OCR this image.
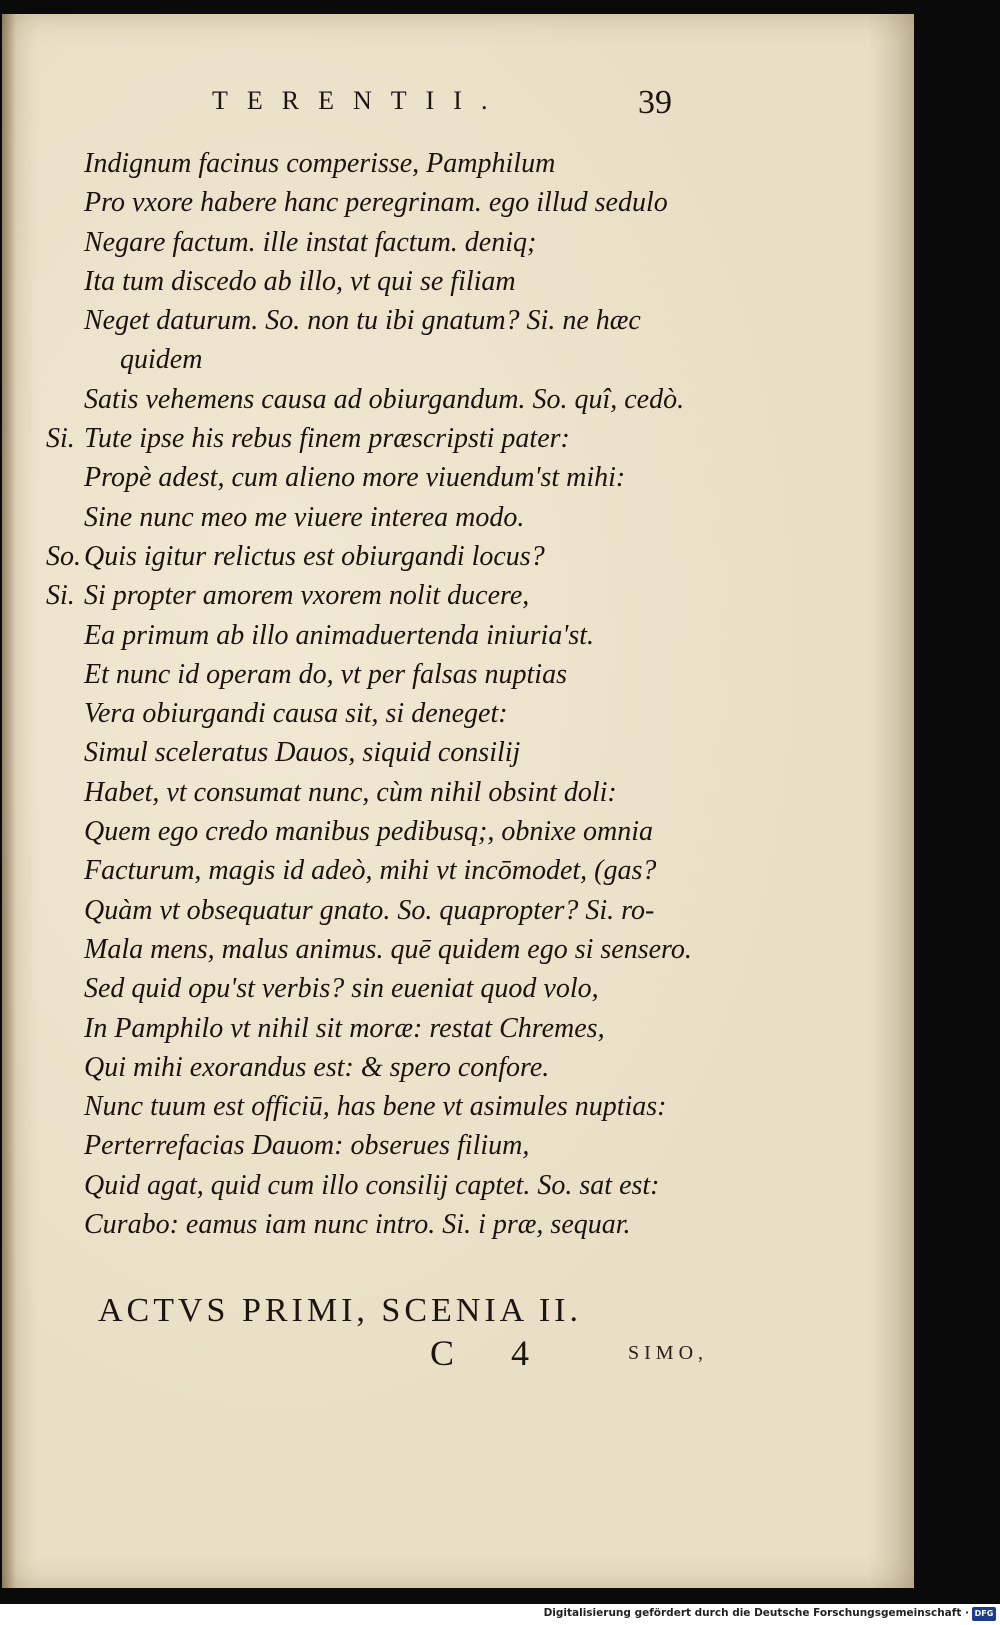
TERENTII.	39
Indignum facinus comperisse, Pamphilum
Pro vxore habere hanc peregrinam. ego illud sedulo
Negare factum. ille instat factum. deniq;
Ita tum discedo ab illo, vt qui se filiam
Neget daturum. So. non tu ibi gnatum? Si. ne hæc
quidem
Satis vehemens causa ad obiurgandum. So. quî, cedò.
Si. Tute ipse his rebus finem præscripsti pater:
Propè adest, cum alieno more viuendum'st mihi:
Sine nunc meo me viuere interea modo.
So. Quis igitur relictus est obiurgandi locus?
Si. Si propter amorem vxorem nolit ducere,
Ea primum ab illo animaduertenda iniuria'st.
Et nunc id operam do, vt per falsas nuptias
Vera obiurgandi causa sit, si deneget:
Simul sceleratus Dauos, siquid consilij
Habet, vt consumat nunc, cùm nihil obsint doli:
Quem ego credo manibus pedibusq;, obnixe omnia
Facturum, magis id adeò, mihi vt incōmodet, (gas?
Quàm vt obsequatur gnato. So. quapropter? Si. ro-
Mala mens, malus animus. quē quidem ego si sensero.
Sed quid opu'st verbis? sin eueniat quod volo,
In Pamphilo vt nihil sit moræ: restat Chremes,
Qui mihi exorandus est: & spero confore.
Nunc tuum est officiū, has bene vt asimules nuptias:
Perterrefacias Dauom: obserues filium,
Quid agat, quid cum illo consilij captet. So. sat est:
Curabo: eamus iam nunc intro. Si. i præ, sequar.
ACTVS PRIMI, SCENIA II.
C 4	SIMO,
Digitalisierung gefördert durch die Deutsche Forschungsgemeinschaft · DFG
